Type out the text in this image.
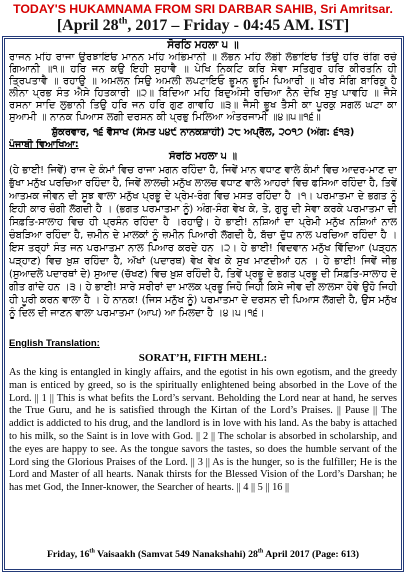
TODAY'S HUKAMNAMA FROM SRI DARBAR SAHIB, Sri Amritsar.
[April 28th, 2017 – Friday - 04:45 AM. IST]
ਸੋਰਠਿ ਮਹਲਾ ੫ ॥
ਰਾਜਨ ਮਹਿ ਰਾਜਾ ਉਰਝਾਇਓ ਮਾਨਨ ਮਹਿ ਅਭਿਮਾਨੀ ॥ ਲੋਭਨ ਮਹਿ ਲੋਭੀ ਲੋਭਾਇਓ ਤਿਉ ਹਰਿ ਰੰਗਿ ਰਚੇ ਗਿਆਨੀ ॥੧॥ ਹਰਿ ਜਨ ਕਉ ਇਹੀ ਸੁਹਾਵੈ ॥ ਪੇਖਿ ਨਿਕਟਿ ਕਰਿ ਸੇਵਾ ਸਤਿਗੁਰ ਹਰਿ ਕੀਰਤਨਿ ਹੀ ਤ੍ਰਿਪਤਾਵੈ ॥ ਰਹਾਉ ॥ ਅਮਲਨ ਸਿਉ ਅਮਲੀ ਲਪਟਾਇਓ ਭੂਮਨ ਭੂਮਿ ਪਿਆਰੀ ॥ ਖੀਰ ਸੰਗਿ ਬਾਰਿਕੁ ਹੈ ਲੀਨਾ ਪ੍ਰਭ ਸੰਤ ਐਸੇ ਹਿਤਕਾਰੀ ॥੨॥ ਬਿਦਿਆ ਮਹਿ ਬਿਦੁਅੰਸੀ ਰਚਿਆ ਨੈਨ ਦੇਖਿ ਸੁਖੁ ਪਾਵਹਿ ॥ ਜੈਸੇ ਰਸਨਾ ਸਾਦਿ ਲੁਭਾਨੀ ਤਿਉ ਹਰਿ ਜਨ ਹਰਿ ਗੁਣ ਗਾਵਹਿ ॥੩॥ ਜੈਸੀ ਭੂਖ ਤੈਸੀ ਕਾ ਪੂਰਕੁ ਸਗਲ ਘਟਾ ਕਾ ਸੁਆਮੀ ॥ ਨਾਨਕ ਪਿਆਸ ਲਗੀ ਦਰਸਨ ਕੀ ਪ੍ਰਭੁ ਮਿਲਿਆ ਅੰਤਰਜਾਮੀ ॥੪॥੫॥੧੬॥
ਸ਼ੁੱਕਰਵਾਰ, ੧੬ ਵੈਸਾਖ (ਸੰਮਤ ੫੪੯ ਨਾਨਕਸ਼ਾਹੀ) ੨੮ ਅਪ੍ਰੈਲ, ੨੦੧੭ (ਅੰਗ: ੬੧੩)
ਪੰਜਾਬੀ ਵਿਆਖਿਆ:
ਸੋਰਠਿ ਮਹਲਾ ੫ ॥
(ਹੇ ਭਾਈ! ਜਿਵੇਂ) ਰਾਜ ਦੇ ਕੰਮਾਂ ਵਿਚ ਰਾਜਾ ਮਗਨ ਰਹਿੰਦਾ ਹੈ, ਜਿਵੇਂ ਮਾਨ ਵਧਾਣ ਵਾਲੇ ਕੰਮਾਂ ਵਿਚ ਆਦਰ-ਮਾਣ ਦਾ ਭੁੱਖਾ ਮਨੁੱਖ ਪਰਚਿਆ ਰਹਿੰਦਾ ਹੈ, ਜਿਵੇਂ ਲਾਲਚੀ ਮਨੁੱਖ ਲਾਲਚ ਵਧਾਣ ਵਾਲੇ ਆਹਰਾਂ ਵਿਚ ਫਸਿਆ ਰਹਿੰਦਾ ਹੈ, ਤਿਵੇਂ ਆਤਮਕ ਜੀਵਨ ਦੀ ਸੂਝ ਵਾਲਾ ਮਨੁੱਖ ਪ੍ਰਭੂ ਦੇ ਪ੍ਰੇਮ-ਰੰਗ ਵਿਚ ਮਸਤ ਰਹਿੰਦਾ ਹੈ ।੧। ਪਰਮਾਤਮਾ ਦੇ ਭਗਤ ਨੂੰ ਇਹੀ ਕਾਰ ਚੰਗੀ ਲੱਗਦੀ ਹੈ । (ਭਗਤ ਪਰਮਾਤਮਾ ਨੂੰ) ਅੰਗ-ਸੰਗ ਵੇਖ ਕੇ, ਤੇ, ਗੁਰੂ ਦੀ ਸੇਵਾ ਕਰਕੇ ਪਰਮਾਤਮਾ ਦੀ ਸਿਫ਼ਤਿ-ਸਾਲਾਹ ਵਿਚ ਹੀ ਪ੍ਰਸੰਨ ਰਹਿੰਦਾ ਹੈ ।ਰਹਾਉ। ਹੇ ਭਾਈ! ਨਸ਼ਿਆਂ ਦਾ ਪ੍ਰੇਮੀ ਮਨੁੱਖ ਨਸ਼ਿਆਂ ਨਾਲ ਚੰਬੜਿਆ ਰਹਿੰਦਾ ਹੈ, ਜ਼ਮੀਨ ਦੇ ਮਾਲਕਾਂ ਨੂੰ ਜ਼ਮੀਨ ਪਿਆਰੀ ਲੱਗਦੀ ਹੈ, ਬੱਚਾ ਦੁੱਧ ਨਾਲ ਪਰਚਿਆ ਰਹਿੰਦਾ ਹੈ । ਇਸ ਤਰ੍ਹਾਂ ਸੰਤ ਜਨ ਪਰਮਾਤਮਾ ਨਾਲ ਪਿਆਰ ਕਰਦੇ ਹਨ ।੨। ਹੇ ਭਾਈ! ਵਿਦਵਾਨ ਮਨੁੱਖ ਵਿੱਦਿਆ (ਪੜ੍ਹਨ ਪੜ੍ਹਾਣ) ਵਿਚ ਖ਼ੁਸ਼ ਰਹਿੰਦਾ ਹੈ, ਅੱਖਾਂ (ਪਦਾਰਥ) ਵੇਖ ਵੇਖ ਕੇ ਸੁਖ ਮਾਣਦੀਆਂ ਹਨ । ਹੇ ਭਾਈ! ਜਿਵੇਂ ਜੀਭ (ਸੁਆਦਲੇ ਪਦਾਰਥਾਂ ਦੇ) ਸੁਆਦ (ਚੱਖਣ) ਵਿਚ ਖ਼ੁਸ਼ ਰਹਿੰਦੀ ਹੈ, ਤਿਵੇਂ ਪ੍ਰਭੂ ਦੇ ਭਗਤ ਪ੍ਰਭੂ ਦੀ ਸਿਫ਼ਤਿ-ਸਾਲਾਹ ਦੇ ਗੀਤ ਗਾਂਦੇ ਹਨ ।੩। ਹੇ ਭਾਈ! ਸਾਰੇ ਸਰੀਰਾਂ ਦਾ ਮਾਲਕ ਪ੍ਰਭੂ ਜਿਹੋ ਜਿਹੀ ਕਿਸੇ ਜੀਵ ਦੀ ਲਾਲਸਾ ਹੋਵੇ ਉਹੋ ਜਿਹੀ ਹੀ ਪੂਰੀ ਕਰਨ ਵਾਲਾ ਹੈ । ਹੇ ਨਾਨਕ! (ਜਿਸ ਮਨੁੱਖ ਨੂੰ) ਪਰਮਾਤਮਾ ਦੇ ਦਰਸਨ ਦੀ ਪਿਆਸ ਲੱਗਦੀ ਹੈ, ਉਸ ਮਨੁੱਖ ਨੂੰ ਦਿਲ ਦੀ ਜਾਣਨ ਵਾਲਾ ਪਰਮਾਤਮਾ (ਆਪ) ਆ ਮਿਲਦਾ ਹੈ ।੪।੫।੧੬।
English Translation:
SORAT’H, FIFTH MEHL:
As the king is entangled in kingly affairs, and the egotist in his own egotism, and the greedy man is enticed by greed, so is the spiritually enlightened being absorbed in the Love of the Lord. || 1 || This is what befits the Lord’s servant. Beholding the Lord near at hand, he serves the True Guru, and he is satisfied through the Kirtan of the Lord’s Praises. || Pause || The addict is addicted to his drug, and the landlord is in love with his land. As the baby is attached to his milk, so the Saint is in love with God. || 2 || The scholar is absorbed in scholarship, and the eyes are happy to see. As the tongue savors the tastes, so does the humble servant of the Lord sing the Glorious Praises of the Lord. || 3 || As is the hunger, so is the fulfiller; He is the Lord and Master of all hearts. Nanak thirsts for the Blessed Vision of the Lord’s Darshan; he has met God, the Inner-knower, the Searcher of hearts. || 4 || 5 || 16 ||
Friday, 16th Vaisaakh (Samvat 549 Nanakshahi) 28th April 2017 (Page: 613)
